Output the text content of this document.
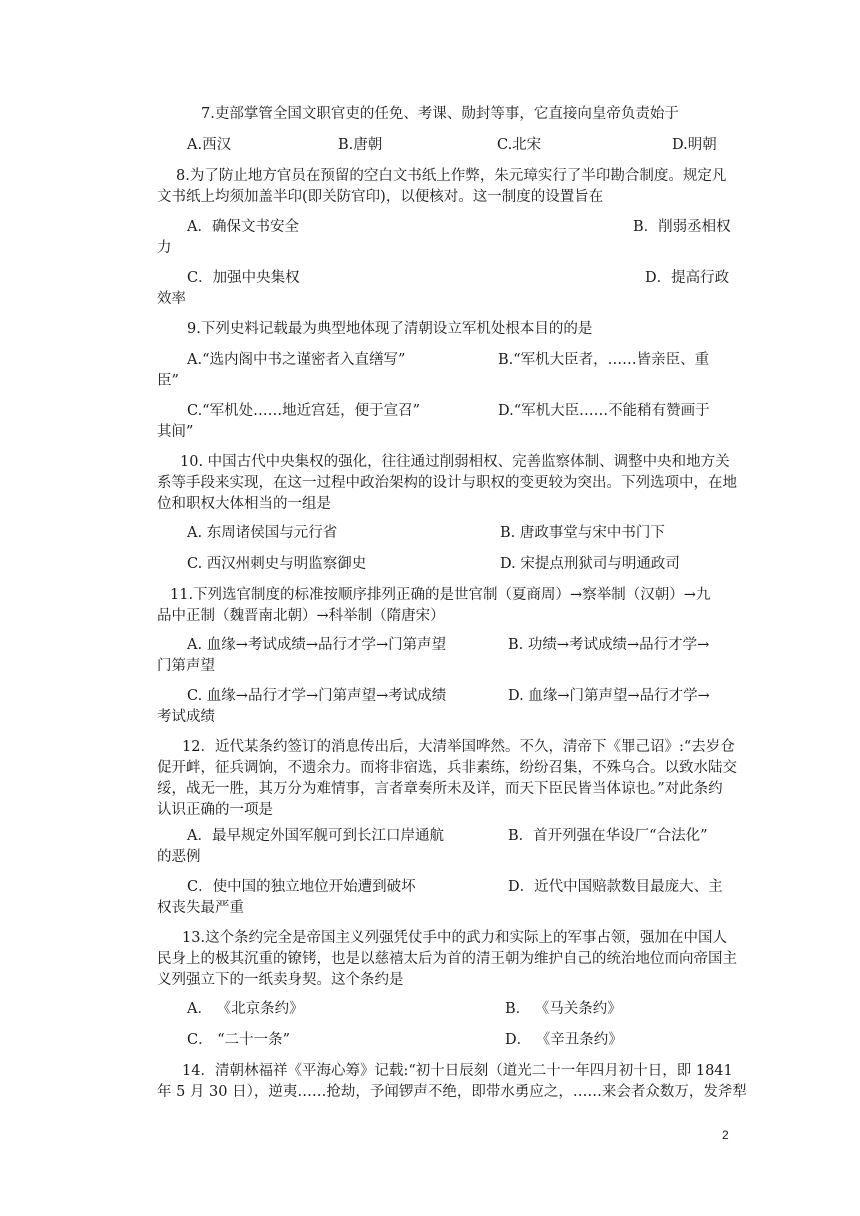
7.吏部掌管全国文职官吏的任免、考课、勋封等事，它直接向皇帝负责始于
A.西汉	B.唐朝	C.北宋	D.明朝
8.为了防止地方官员在预留的空白文书纸上作弊，朱元璋实行了半印勘合制度。规定凡
文书纸上均须加盖半印(即关防官印)，以便核对。这一制度的设置旨在
A．确保文书安全	B．削弱丞相权
力
C．加强中央集权	D．提高行政
效率
9.下列史料记载最为典型地体现了清朝设立军机处根本目的的是
A.“选内阁中书之谨密者入直缮写”	B.“军机大臣者，……皆亲臣、重
臣”
C.“军机处……地近宫廷，便于宣召”	D.“军机大臣……不能稍有赞画于
其间”
10. 中国古代中央集权的强化，往往通过削弱相权、完善监察体制、调整中央和地方关
系等手段来实现，在这一过程中政治架构的设计与职权的变更较为突出。下列选项中，在地
位和职权大体相当的一组是
A. 东周诸侯国与元行省	B. 唐政事堂与宋中书门下
C. 西汉州刺史与明监察御史	D. 宋提点刑狱司与明通政司
11.下列选官制度的标准按顺序排列正确的是世官制（夏商周）→察举制（汉朝）→九
品中正制（魏晋南北朝）→科举制（隋唐宋）
A. 血缘→考试成绩→品行才学→门第声望	B. 功绩→考试成绩→品行才学→
门第声望
C. 血缘→品行才学→门第声望→考试成绩	D. 血缘→门第声望→品行才学→
考试成绩
12．近代某条约签订的消息传出后，大清举国哗然。不久，清帝下《罪己诏》:“去岁仓
促开衅，征兵调饷，不遗余力。而将非宿选，兵非素练，纷纷召集，不殊乌合。以致水陆交
绥，战无一胜，其万分为难情事，言者章奏所未及详，而天下臣民皆当体谅也。”对此条约
认识正确的一项是
A．最早规定外国军舰可到长江口岸通航	B．首开列强在华设厂“合法化”
的恶例
C．使中国的独立地位开始遭到破坏	D．近代中国赔款数目最庞大、主
权丧失最严重
13.这个条约完全是帝国主义列强凭仗手中的武力和实际上的军事占领，强加在中国人
民身上的极其沉重的镣铐，也是以慈禧太后为首的清王朝为维护自己的统治地位而向帝国主
义列强立下的一纸卖身契。这个条约是
A． 《北京条约》	B． 《马关条约》
C． “二十一条”	D． 《辛丑条约》
14．清朝林福祥《平海心筹》记载:“初十日辰刻（道光二十一年四月初十日，即 1841
年 5 月 30 日），逆夷……抢劫，予闻锣声不绝，即带水勇应之，……来会者众数万，发斧犁
2
